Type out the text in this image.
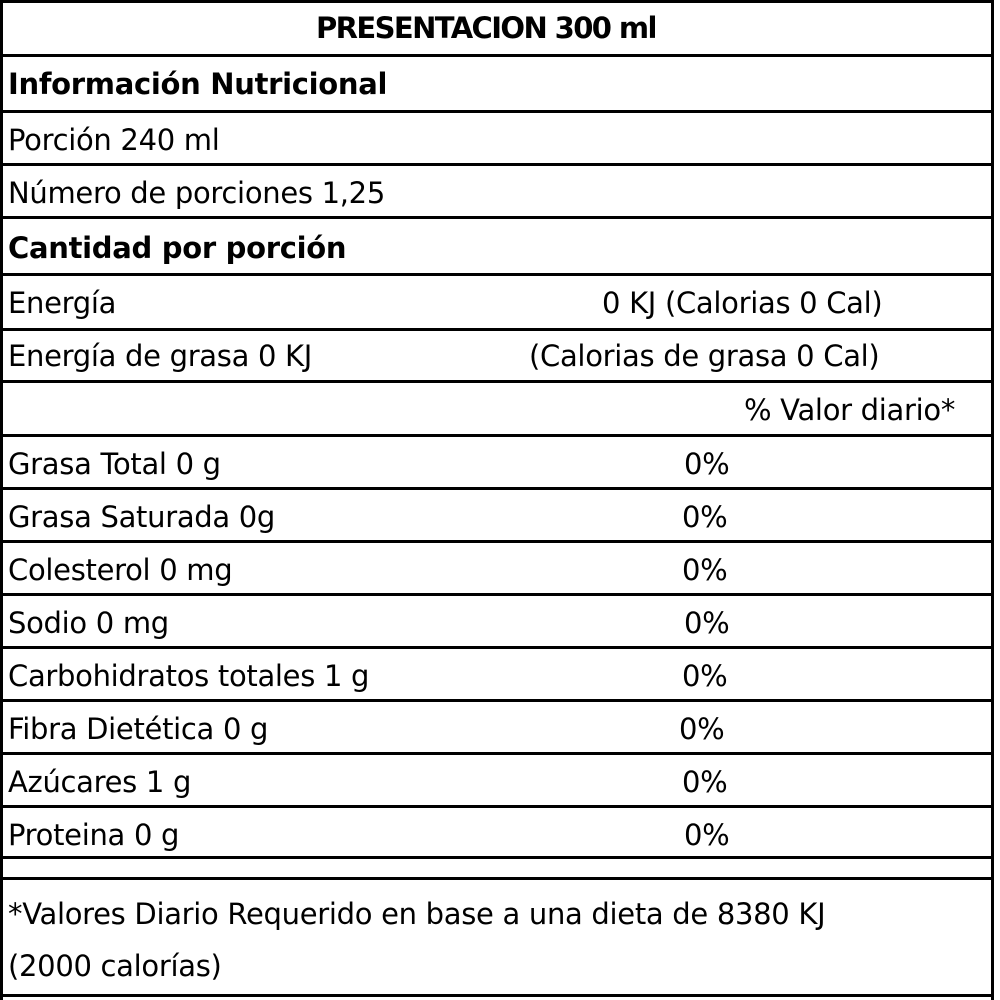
PRESENTACION 300 ml
Información Nutricional
Porción 240 ml
Número de porciones 1,25
Cantidad por porción
Energía	0 KJ (Calorias 0 Cal)
Energía de grasa 0 KJ	(Calorias de grasa 0 Cal)
% Valor diario*
Grasa Total 0 g	0%
Grasa Saturada 0g	0%
Colesterol 0 mg	0%
Sodio 0 mg	0%
Carbohidratos totales 1 g	0%
Fibra Dietética 0 g	0%
Azúcares 1 g	0%
Proteina 0 g	0%
*Valores Diario Requerido en base a una dieta de 8380 KJ
(2000 calorías)
